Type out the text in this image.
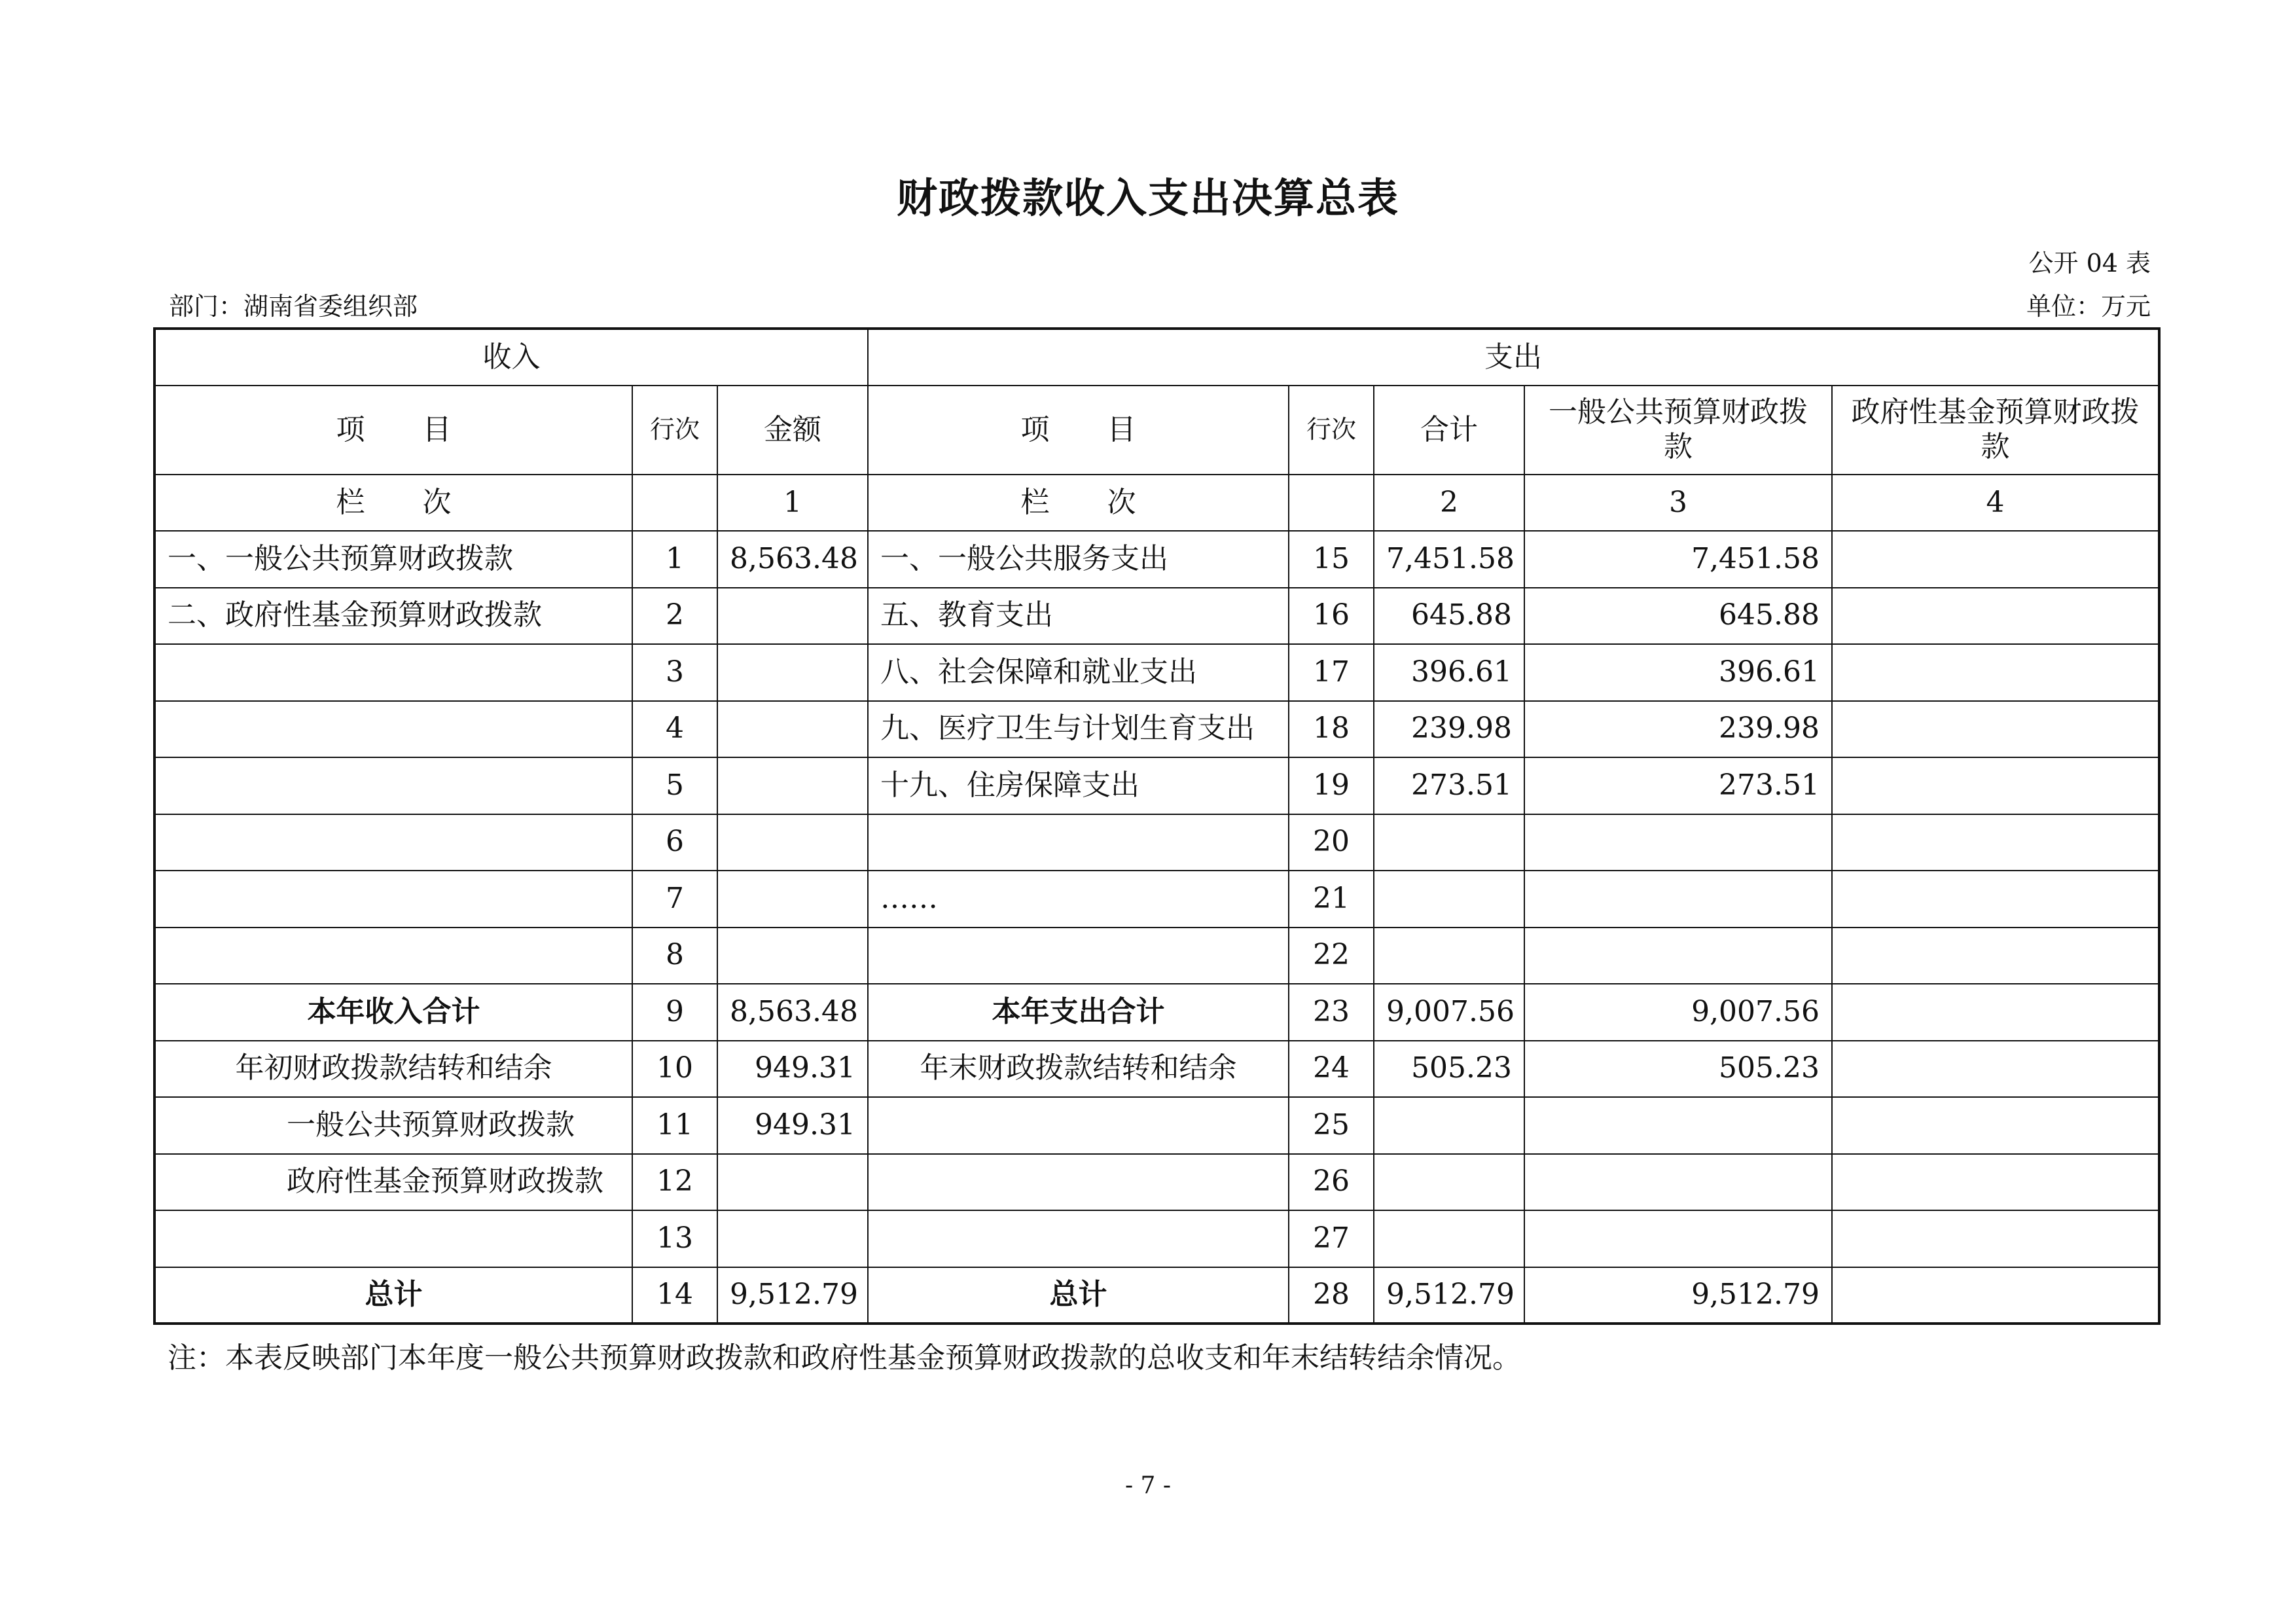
财政拨款收入支出决算总表
公开 04 表
部门：湖南省委组织部	单位：万元
收入			支出				
项　　目	行次	金额	项　　目	行次	合计	一般公共预算财政拨款	政府性基金预算财政拨款
栏　　次		1	栏　　次		2	3	4
一、一般公共预算财政拨款	1	8,563.48	一、一般公共服务支出	15	7,451.58	7,451.58	
二、政府性基金预算财政拨款	2		五、教育支出	16	645.88	645.88	
	3		八、社会保障和就业支出	17	396.61	396.61	
	4		九、医疗卫生与计划生育支出	18	239.98	239.98	
	5		十九、住房保障支出	19	273.51	273.51	
	6			20			
	7		……	21			
	8			22			
本年收入合计	9	8,563.48	本年支出合计	23	9,007.56	9,007.56	
年初财政拨款结转和结余	10	949.31	年末财政拨款结转和结余	24	505.23	505.23	
一般公共预算财政拨款	11	949.31		25			
政府性基金预算财政拨款	12			26			
	13			27			
总计	14	9,512.79	总计	28	9,512.79	9,512.79	
注：本表反映部门本年度一般公共预算财政拨款和政府性基金预算财政拨款的总收支和年末结转结余情况。
- 7 -
